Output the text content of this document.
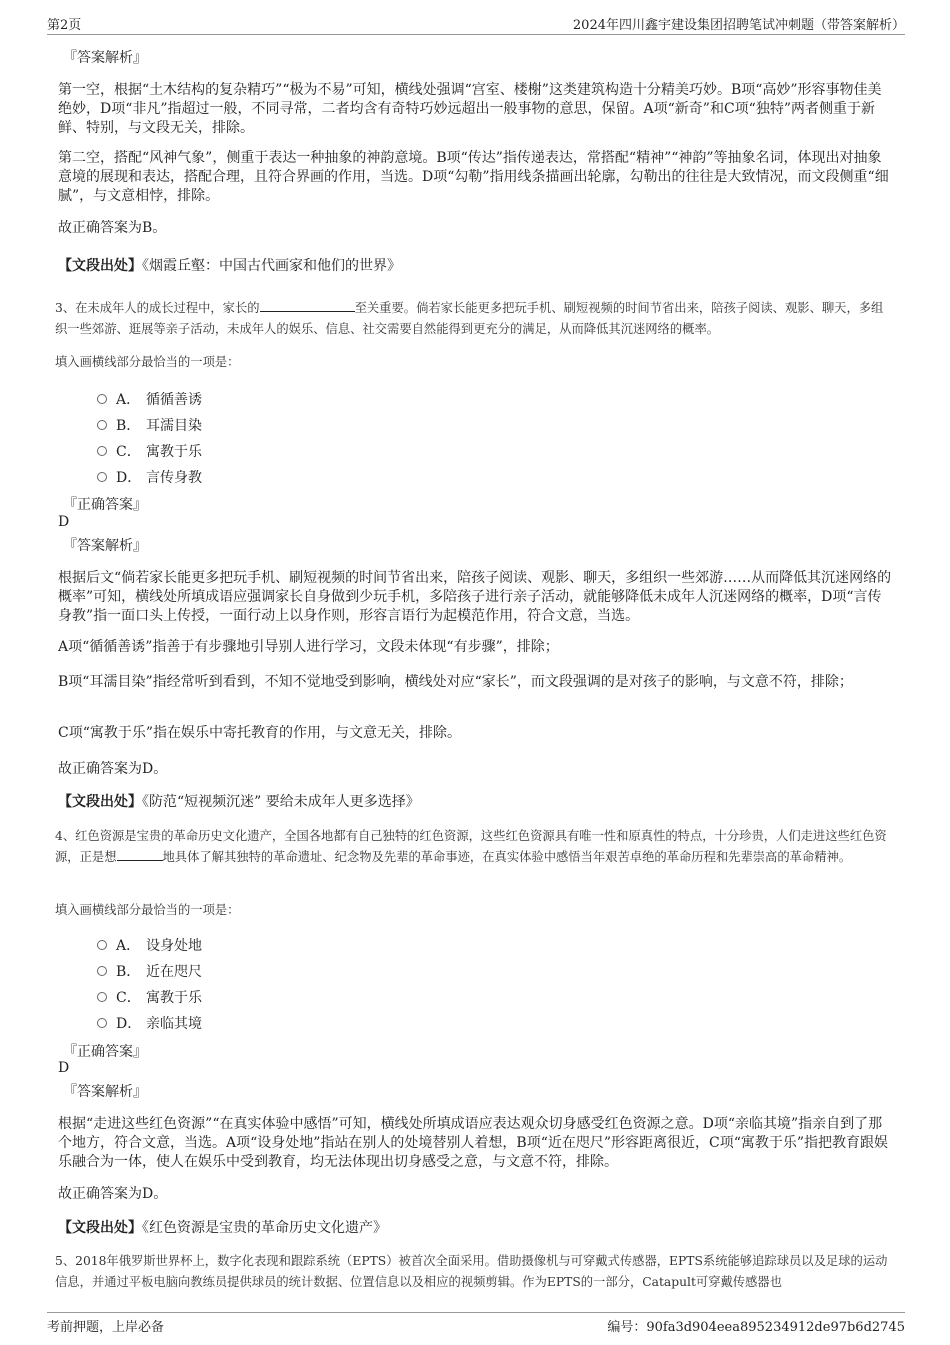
第2页	2024年四川鑫宇建设集团招聘笔试冲刺题（带答案解析）
『答案解析』

第一空，根据“土木结构的复杂精巧”“极为不易”可知，横线处强调“宫室、楼榭”这类建筑构造十分精美巧妙。B项“高妙”形容事物佳美绝妙，D项“非凡”指超过一般，不同寻常，二者均含有奇特巧妙远超出一般事物的意思，保留。A项“新奇”和C项“独特”两者侧重于新鲜、特别，与文段无关，排除。

第二空，搭配“风神气象”，侧重于表达一种抽象的神韵意境。B项“传达”指传递表达，常搭配“精神”“神韵”等抽象名词，体现出对抽象意境的展现和表达，搭配合理，且符合界画的作用，当选。D项“勾勒”指用线条描画出轮廓，勾勒出的往往是大致情况，而文段侧重“细腻”，与文意相悖，排除。

故正确答案为B。

【文段出处】《烟霞丘壑：中国古代画家和他们的世界》

3、在未成年人的成长过程中，家长的	至关重要。倘若家长能更多把玩手机、刷短视频的时间节省出来，陪孩子阅读、观影、聊天，多组织一些郊游、逛展等亲子活动，未成年人的娱乐、信息、社交需要自然能得到更充分的满足，从而降低其沉迷网络的概率。

填入画横线部分最恰当的一项是：
A． 循循善诱
B． 耳濡目染
C． 寓教于乐
D． 言传身教
『正确答案』
D
『答案解析』

根据后文“倘若家长能更多把玩手机、刷短视频的时间节省出来，陪孩子阅读、观影、聊天，多组织一些郊游……从而降低其沉迷网络的概率”可知，横线处所填成语应强调家长自身做到少玩手机，多陪孩子进行亲子活动，就能够降低未成年人沉迷网络的概率，D项“言传身教”指一面口头上传授，一面行动上以身作则，形容言语行为起模范作用，符合文意，当选。

A项“循循善诱”指善于有步骤地引导别人进行学习，文段未体现“有步骤”，排除；

B项“耳濡目染”指经常听到看到，不知不觉地受到影响，横线处对应“家长”，而文段强调的是对孩子的影响，与文意不符，排除；

C项“寓教于乐”指在娱乐中寄托教育的作用，与文意无关，排除。

故正确答案为D。

【文段出处】《防范“短视频沉迷” 要给未成年人更多选择》

4、红色资源是宝贵的革命历史文化遗产，全国各地都有自己独特的红色资源，这些红色资源具有唯一性和原真性的特点，十分珍贵，人们走进这些红色资源，正是想	地具体了解其独特的革命遗址、纪念物及先辈的革命事迹，在真实体验中感悟当年艰苦卓绝的革命历程和先辈崇高的革命精神。

填入画横线部分最恰当的一项是：
A． 设身处地
B． 近在咫尺
C． 寓教于乐
D． 亲临其境
『正确答案』
D
『答案解析』

根据“走进这些红色资源”“在真实体验中感悟”可知，横线处所填成语应表达观众切身感受红色资源之意。D项“亲临其境”指亲自到了那个地方，符合文意，当选。A项“设身处地”指站在别人的处境替别人着想，B项“近在咫尺”形容距离很近，C项“寓教于乐”指把教育跟娱乐融合为一体，使人在娱乐中受到教育，均无法体现出切身感受之意，与文意不符，排除。

故正确答案为D。

【文段出处】《红色资源是宝贵的革命历史文化遗产》

5、2018年俄罗斯世界杯上，数字化表现和跟踪系统（EPTS）被首次全面采用。借助摄像机与可穿戴式传感器，EPTS系统能够追踪球员以及足球的运动信息，并通过平板电脑向教练员提供球员的统计数据、位置信息以及相应的视频剪辑。作为EPTS的一部分，Catapult可穿戴传感器也

考前押题，上岸必备	编号：90fa3d904eea895234912de97b6d2745
